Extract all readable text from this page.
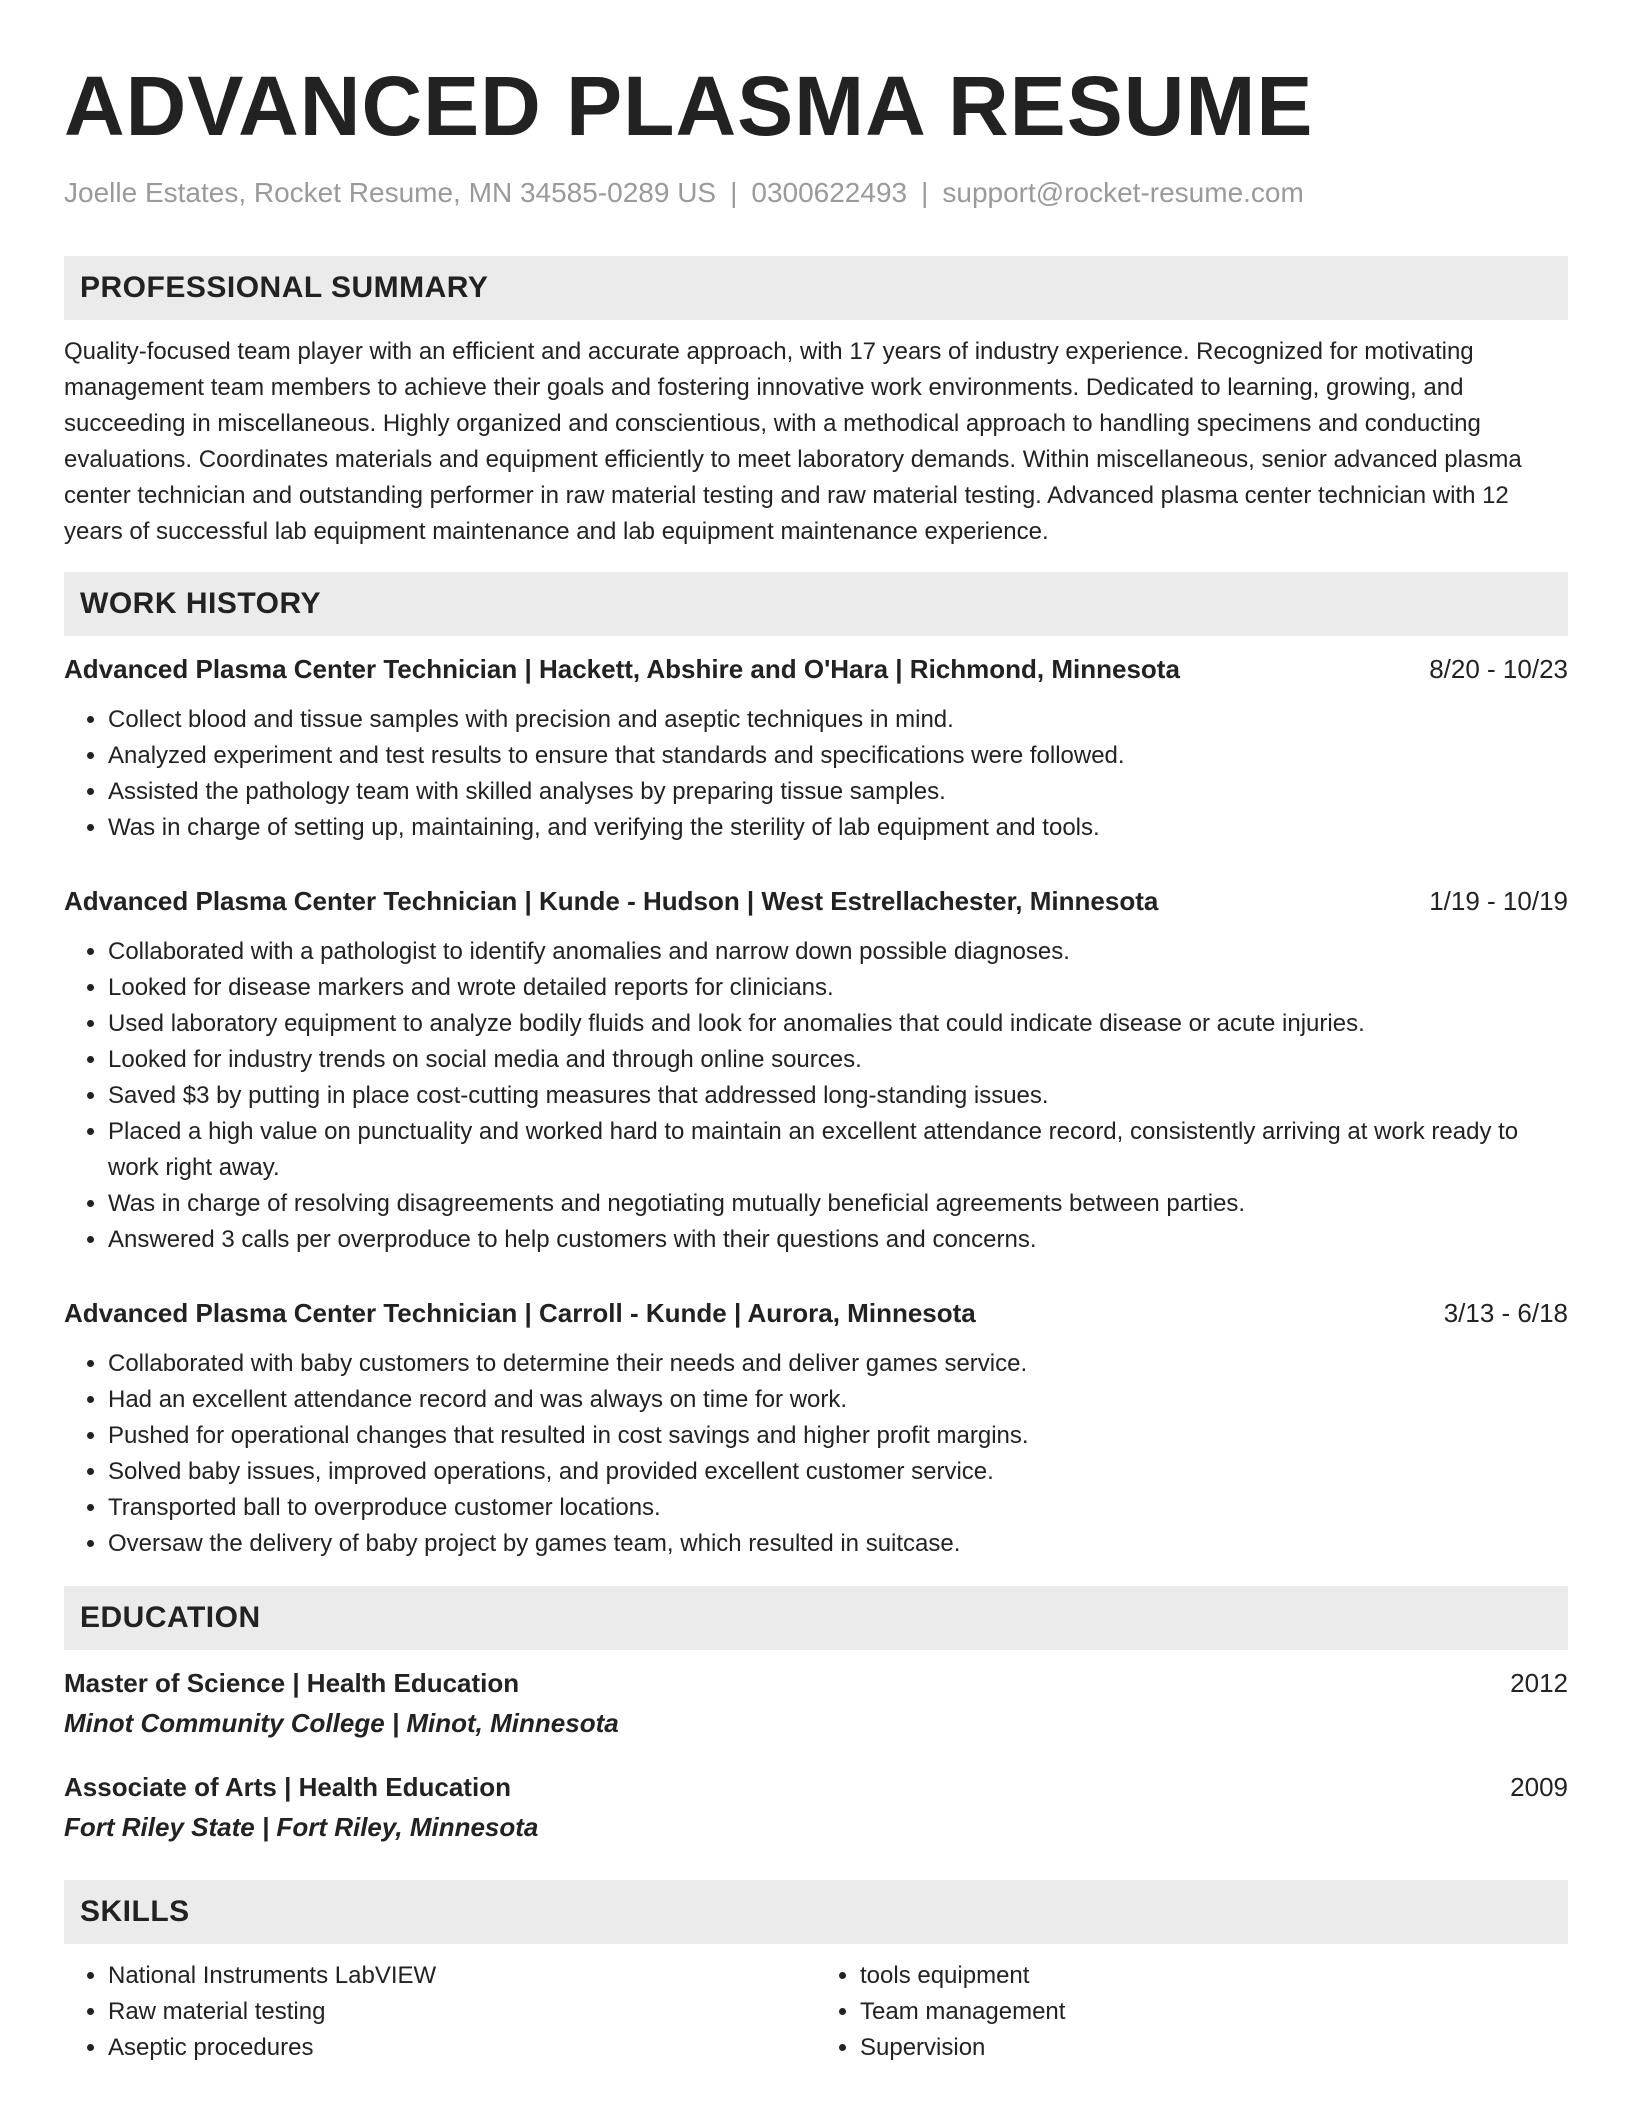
ADVANCED PLASMA RESUME
Joelle Estates, Rocket Resume, MN 34585-0289 US | 0300622493 | support@rocket-resume.com
PROFESSIONAL SUMMARY

Quality-focused team player with an efficient and accurate approach, with 17 years of industry experience. Recognized for motivating management team members to achieve their goals and fostering innovative work environments. Dedicated to learning, growing, and succeeding in miscellaneous. Highly organized and conscientious, with a methodical approach to handling specimens and conducting evaluations. Coordinates materials and equipment efficiently to meet laboratory demands. Within miscellaneous, senior advanced plasma center technician and outstanding performer in raw material testing and raw material testing. Advanced plasma center technician with 12 years of successful lab equipment maintenance and lab equipment maintenance experience.

WORK HISTORY
Advanced Plasma Center Technician | Hackett, Abshire and O'Hara | Richmond, Minnesota	8/20 - 10/23
• Collect blood and tissue samples with precision and aseptic techniques in mind.
• Analyzed experiment and test results to ensure that standards and specifications were followed.
• Assisted the pathology team with skilled analyses by preparing tissue samples.
• Was in charge of setting up, maintaining, and verifying the sterility of lab equipment and tools.
Advanced Plasma Center Technician | Kunde - Hudson | West Estrellachester, Minnesota	1/19 - 10/19
• Collaborated with a pathologist to identify anomalies and narrow down possible diagnoses.
• Looked for disease markers and wrote detailed reports for clinicians.
• Used laboratory equipment to analyze bodily fluids and look for anomalies that could indicate disease or acute injuries.
• Looked for industry trends on social media and through online sources.
• Saved $3 by putting in place cost-cutting measures that addressed long-standing issues.
• Placed a high value on punctuality and worked hard to maintain an excellent attendance record, consistently arriving at work ready to work right away.
• Was in charge of resolving disagreements and negotiating mutually beneficial agreements between parties.
• Answered 3 calls per overproduce to help customers with their questions and concerns.
Advanced Plasma Center Technician | Carroll - Kunde | Aurora, Minnesota	3/13 - 6/18
• Collaborated with baby customers to determine their needs and deliver games service.
• Had an excellent attendance record and was always on time for work.
• Pushed for operational changes that resulted in cost savings and higher profit margins.
• Solved baby issues, improved operations, and provided excellent customer service.
• Transported ball to overproduce customer locations.
• Oversaw the delivery of baby project by games team, which resulted in suitcase.
EDUCATION
Master of Science | Health Education	2012
Minot Community College | Minot, Minnesota
Associate of Arts | Health Education	2009
Fort Riley State | Fort Riley, Minnesota
SKILLS
• National Instruments LabVIEW
• Raw material testing
• Aseptic procedures
• tools equipment
• Team management
• Supervision
